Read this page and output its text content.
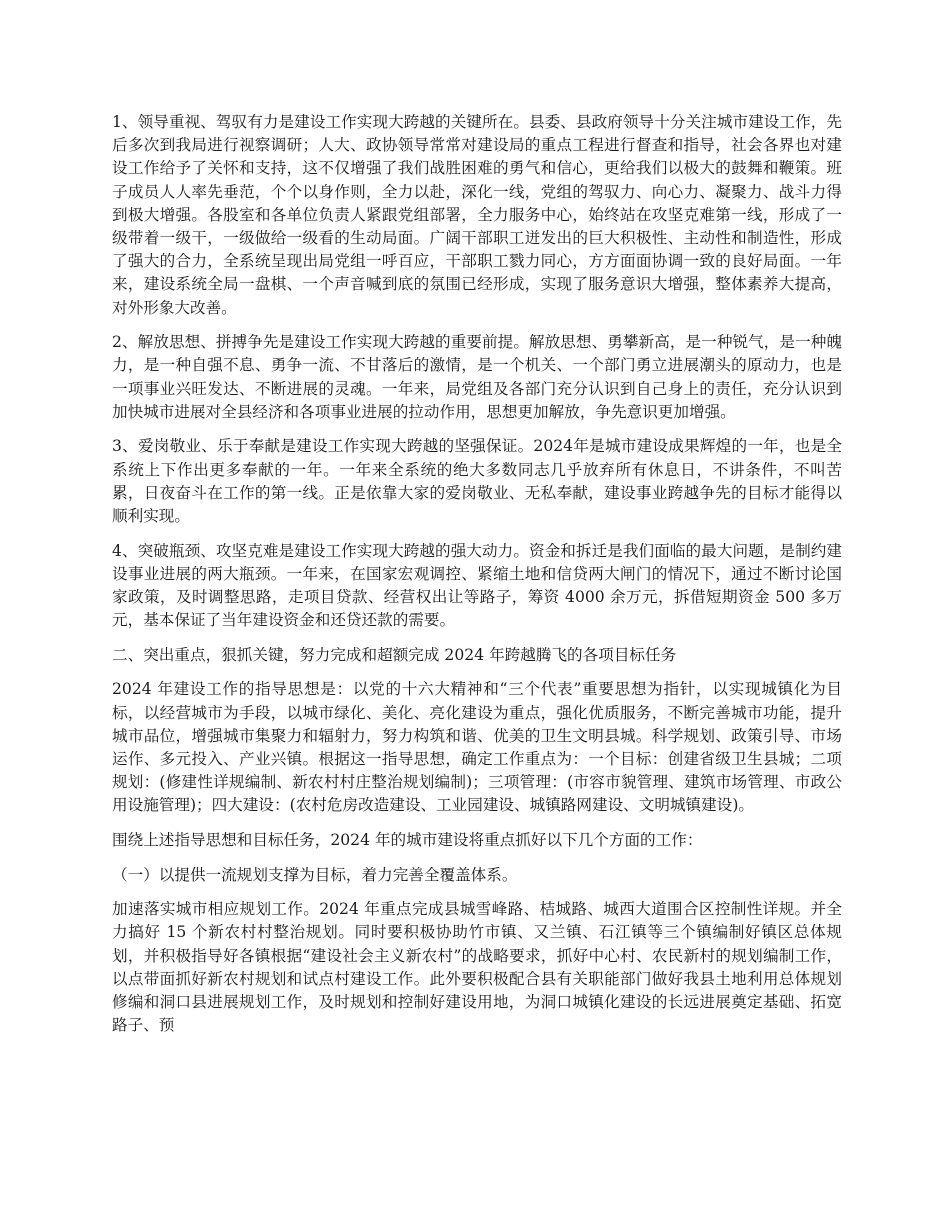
1、领导重视、驾驭有力是建设工作实现大跨越的关键所在。县委、县政府领导十分关注城市建设工作，先后多次到我局进行视察调研；人大、政协领导常常对建设局的重点工程进行督查和指导，社会各界也对建设工作给予了关怀和支持，这不仅增强了我们战胜困难的勇气和信心，更给我们以极大的鼓舞和鞭策。班子成员人人率先垂范，个个以身作则，全力以赴，深化一线，党组的驾驭力、向心力、凝聚力、战斗力得到极大增强。各股室和各单位负责人紧跟党组部署，全力服务中心，始终站在攻坚克难第一线，形成了一级带着一级干，一级做给一级看的生动局面。广阔干部职工迸发出的巨大积极性、主动性和制造性，形成了强大的合力，全系统呈现出局党组一呼百应，干部职工戮力同心，方方面面协调一致的良好局面。一年来，建设系统全局一盘棋、一个声音喊到底的氛围已经形成，实现了服务意识大增强，整体素养大提高，对外形象大改善。

2、解放思想、拼搏争先是建设工作实现大跨越的重要前提。解放思想、勇攀新高，是一种锐气，是一种魄力，是一种自强不息、勇争一流、不甘落后的激情，是一个机关、一个部门勇立进展潮头的原动力，也是一项事业兴旺发达、不断进展的灵魂。一年来，局党组及各部门充分认识到自己身上的责任，充分认识到加快城市进展对全县经济和各项事业进展的拉动作用，思想更加解放，争先意识更加增强。

3、爱岗敬业、乐于奉献是建设工作实现大跨越的坚强保证。2024年是城市建设成果辉煌的一年，也是全系统上下作出更多奉献的一年。一年来全系统的绝大多数同志几乎放弃所有休息日，不讲条件，不叫苦累，日夜奋斗在工作的第一线。正是依靠大家的爱岗敬业、无私奉献，建设事业跨越争先的目标才能得以顺利实现。

4、突破瓶颈、攻坚克难是建设工作实现大跨越的强大动力。资金和拆迁是我们面临的最大问题，是制约建设事业进展的两大瓶颈。一年来，在国家宏观调控、紧缩土地和信贷两大闸门的情况下，通过不断讨论国家政策，及时调整思路，走项目贷款、经营权出让等路子，筹资 4000 余万元，拆借短期资金 500 多万元，基本保证了当年建设资金和还贷还款的需要。

二、突出重点，狠抓关键，努力完成和超额完成 2024 年跨越腾飞的各项目标任务

2024 年建设工作的指导思想是：以党的十六大精神和“三个代表”重要思想为指针，以实现城镇化为目标，以经营城市为手段，以城市绿化、美化、亮化建设为重点，强化优质服务，不断完善城市功能，提升城市品位，增强城市集聚力和辐射力，努力构筑和谐、优美的卫生文明县城。科学规划、政策引导、市场运作、多元投入、产业兴镇。根据这一指导思想，确定工作重点为：一个目标：创建省级卫生县城；二项规划：(修建性详规编制、新农村村庄整治规划编制)；三项管理：(市容市貌管理、建筑市场管理、市政公用设施管理)；四大建设：(农村危房改造建设、工业园建设、城镇路网建设、文明城镇建设)。

围绕上述指导思想和目标任务，2024 年的城市建设将重点抓好以下几个方面的工作：

（一）以提供一流规划支撑为目标，着力完善全覆盖体系。

加速落实城市相应规划工作。2024 年重点完成县城雪峰路、桔城路、城西大道围合区控制性详规。并全力搞好 15 个新农村村整治规划。同时要积极协助竹市镇、又兰镇、石江镇等三个镇编制好镇区总体规划，并积极指导好各镇根据“建设社会主义新农村”的战略要求，抓好中心村、农民新村的规划编制工作，以点带面抓好新农村规划和试点村建设工作。此外要积极配合县有关职能部门做好我县土地利用总体规划修编和洞口县进展规划工作，及时规划和控制好建设用地，为洞口城镇化建设的长远进展奠定基础、拓宽路子、预
